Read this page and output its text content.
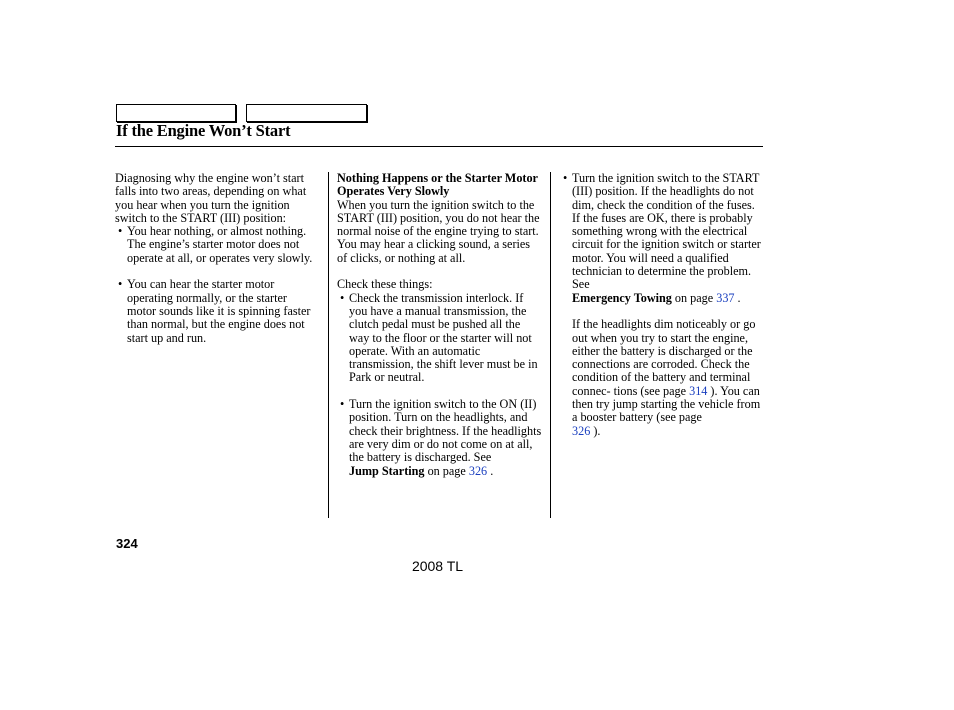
If the Engine Won’t Start

Diagnosing why the engine won’t start falls into two areas, depending on what you hear when you turn the ignition switch to the START (III) position:

• You hear nothing, or almost nothing. The engine’s starter motor does not operate at all, or operates very slowly.

• You can hear the starter motor operating normally, or the starter motor sounds like it is spinning faster than normal, but the engine does not start up and run.

Nothing Happens or the Starter Motor Operates Very Slowly

When you turn the ignition switch to the START (III) position, you do not hear the normal noise of the engine trying to start. You may hear a clicking sound, a series of clicks, or nothing at all.

Check these things:

• Check the transmission interlock. If you have a manual transmission, the clutch pedal must be pushed all the way to the floor or the starter will not operate. With an automatic transmission, the shift lever must be in Park or neutral.

• Turn the ignition switch to the ON (II) position. Turn on the headlights, and check their brightness. If the headlights are very dim or do not come on at all, the battery is discharged. See
Jump Starting on page 326 .

• Turn the ignition switch to the START (III) position. If the headlights do not dim, check the condition of the fuses. If the fuses are OK, there is probably something wrong with the electrical circuit for the ignition switch or starter motor. You will need a qualified technician to determine the problem. See
Emergency Towing on page 337 .

If the headlights dim noticeably or go out when you try to start the engine, either the battery is discharged or the connections are corroded. Check the condition of the battery and terminal connec- tions (see page 314 ). You can then try jump starting the vehicle from a booster battery (see page
326 ).

324
2008 TL
